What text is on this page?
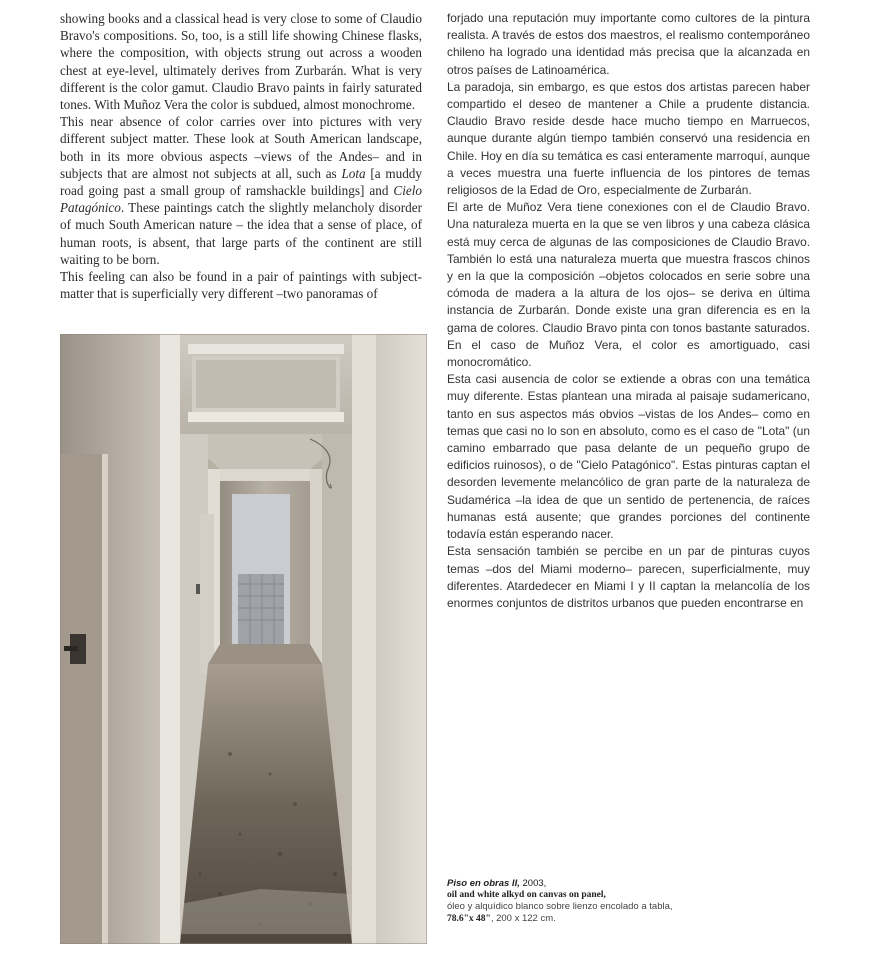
showing books and a classical head is very close to some of Claudio Bravo's compositions. So, too, is a still life showing Chinese flasks, where the composition, with objects strung out across a wooden chest at eye-level, ultimately derives from Zurbarán. What is very different is the color gamut. Claudio Bravo paints in fairly saturated tones. With Muñoz Vera the color is subdued, almost monochrome.

This near absence of color carries over into pictures with very different subject matter. These look at South American landscape, both in its more obvious aspects –views of the Andes– and in subjects that are almost not subjects at all, such as Lota [a muddy road going past a small group of ramshackle buildings] and Cielo Patagónico. These paintings catch the slightly melancholy disorder of much South American nature – the idea that a sense of place, of human roots, is absent, that large parts of the continent are still waiting to be born.

This feeling can also be found in a pair of paintings with subject-matter that is superficially very different –two panoramas of

forjado una reputación muy importante como cultores de la pintura realista. A través de estos dos maestros, el realismo contemporáneo chileno ha logrado una identidad más precisa que la alcanzada en otros países de Latinoamérica.

La paradoja, sin embargo, es que estos dos artistas parecen haber compartido el deseo de mantener a Chile a prudente distancia. Claudio Bravo reside desde hace mucho tiempo en Marruecos, aunque durante algún tiempo también conservó una residencia en Chile. Hoy en día su temática es casi enteramente marroquí, aunque a veces muestra una fuerte influencia de los pintores de temas religiosos de la Edad de Oro, especialmente de Zurbarán.

El arte de Muñoz Vera tiene conexiones con el de Claudio Bravo. Una naturaleza muerta en la que se ven libros y una cabeza clásica está muy cerca de algunas de las composiciones de Claudio Bravo. También lo está una naturaleza muerta que muestra frascos chinos y en la que la composición –objetos colocados en serie sobre una cómoda de madera a la altura de los ojos– se deriva en última instancia de Zurbarán. Donde existe una gran diferencia es en la gama de colores. Claudio Bravo pinta con tonos bastante saturados. En el caso de Muñoz Vera, el color es amortiguado, casi monocromático.

Esta casi ausencia de color se extiende a obras con una temática muy diferente. Estas plantean una mirada al paisaje sudamericano, tanto en sus aspectos más obvios –vistas de los Andes– como en temas que casi no lo son en absoluto, como es el caso de "Lota" (un camino embarrado que pasa delante de un pequeño grupo de edificios ruinosos), o de "Cielo Patagónico". Estas pinturas captan el desorden levemente melancólico de gran parte de la naturaleza de Sudamérica –la idea de que un sentido de pertenencia, de raíces humanas está ausente; que grandes porciones del continente todavía están esperando nacer.

Esta sensación también se percibe en un par de pinturas cuyos temas –dos del Miami moderno– parecen, superficialmente, muy diferentes. Atardedecer en Miami I y II captan la melancolía de los enormes conjuntos de distritos urbanos que pueden encontrarse en

Piso en obras II, 2003,
oil and white alkyd on canvas on panel,
óleo y alquídico blanco sobre lienzo encolado a tabla,
78.6"x 48", 200 x 122 cm.
